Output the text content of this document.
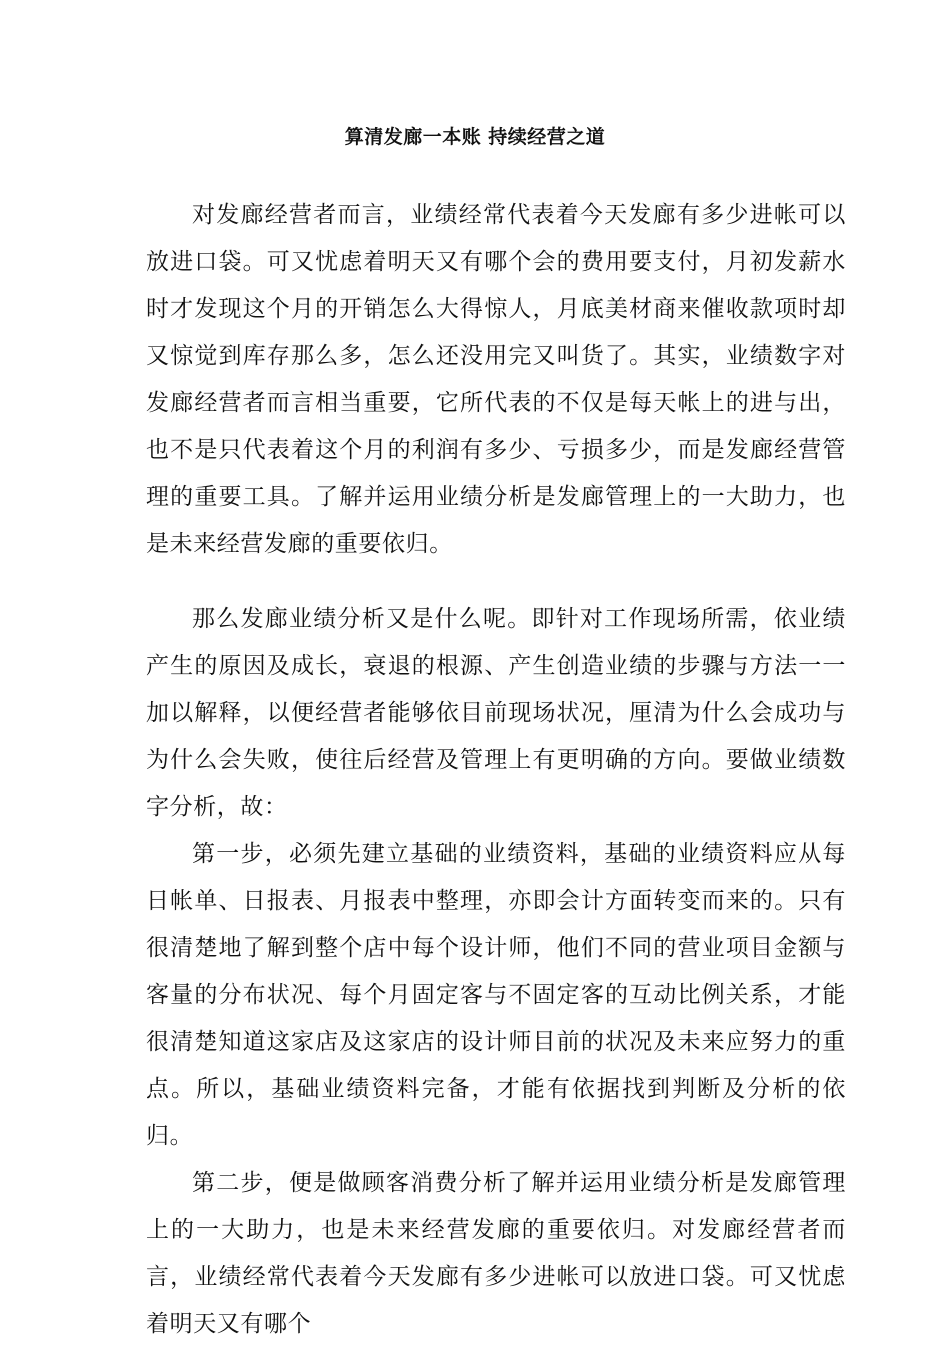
算清发廊一本账 持续经营之道

对发廊经营者而言，业绩经常代表着今天发廊有多少进帐可以放进口袋。可又忧虑着明天又有哪个会的费用要支付，月初发薪水时才发现这个月的开销怎么大得惊人，月底美材商来催收款项时却又惊觉到库存那么多，怎么还没用完又叫货了。其实，业绩数字对发廊经营者而言相当重要，它所代表的不仅是每天帐上的进与出，也不是只代表着这个月的利润有多少、亏损多少，而是发廊经营管理的重要工具。了解并运用业绩分析是发廊管理上的一大助力，也是未来经营发廊的重要依归。

那么发廊业绩分析又是什么呢。即针对工作现场所需，依业绩产生的原因及成长，衰退的根源、产生创造业绩的步骤与方法一一加以解释，以便经营者能够依目前现场状况，厘清为什么会成功与为什么会失败，使往后经营及管理上有更明确的方向。要做业绩数字分析，故：

第一步，必须先建立基础的业绩资料，基础的业绩资料应从每日帐单、日报表、月报表中整理，亦即会计方面转变而来的。只有很清楚地了解到整个店中每个设计师，他们不同的营业项目金额与客量的分布状况、每个月固定客与不固定客的互动比例关系，才能很清楚知道这家店及这家店的设计师目前的状况及未来应努力的重点。所以，基础业绩资料完备，才能有依据找到判断及分析的依归。

第二步，便是做顾客消费分析了解并运用业绩分析是发廊管理上的一大助力，也是未来经营发廊的重要依归。对发廊经营者而言，业绩经常代表着今天发廊有多少进帐可以放进口袋。可又忧虑着明天又有哪个
